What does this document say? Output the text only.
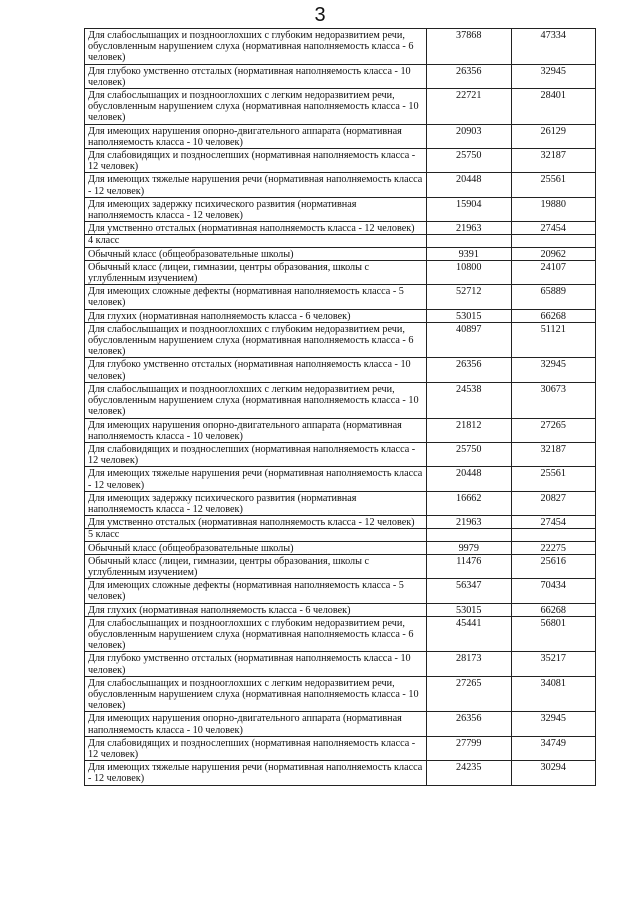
3
Для слабослышащих и позднооглохших с глубоким недоразвитием речи, обусловленным нарушением слуха (нормативная наполняемость класса - 6 человек)	37868	47334
Для глубоко умственно отсталых (нормативная наполняемость класса - 10 человек)	26356	32945
Для слабослышащих и позднооглохших с легким недоразвитием речи, обусловленным нарушением слуха (нормативная наполняемость класса - 10 человек)	22721	28401
Для имеющих нарушения опорно-двигательного аппарата (нормативная наполняемость класса - 10 человек)	20903	26129
Для слабовидящих и позднослепших (нормативная наполняемость класса - 12 человек)	25750	32187
Для имеющих тяжелые нарушения речи (нормативная наполняемость класса - 12 человек)	20448	25561
Для имеющих задержку психического развития (нормативная наполняемость класса - 12 человек)	15904	19880
Для умственно отсталых (нормативная наполняемость класса - 12 человек)	21963	27454
4 класс		
Обычный класс (общеобразовательные школы)	9391	20962
Обычный класс (лицеи, гимназии, центры образования, школы с углубленным изучением)	10800	24107
Для имеющих сложные дефекты (нормативная наполняемость класса - 5 человек)	52712	65889
Для глухих (нормативная наполняемость класса - 6 человек)	53015	66268
Для слабослышащих и позднооглохших с глубоким недоразвитием речи, обусловленным нарушением слуха (нормативная наполняемость класса - 6 человек)	40897	51121
Для глубоко умственно отсталых (нормативная наполняемость класса - 10 человек)	26356	32945
Для слабослышащих и позднооглохших с легким недоразвитием речи, обусловленным нарушением слуха (нормативная наполняемость класса - 10 человек)	24538	30673
Для имеющих нарушения опорно-двигательного аппарата (нормативная наполняемость класса - 10 человек)	21812	27265
Для слабовидящих и позднослепших (нормативная наполняемость класса - 12 человек)	25750	32187
Для имеющих тяжелые нарушения речи (нормативная наполняемость класса - 12 человек)	20448	25561
Для имеющих задержку психического развития (нормативная наполняемость класса - 12 человек)	16662	20827
Для умственно отсталых (нормативная наполняемость класса - 12 человек)	21963	27454
5 класс		
Обычный класс (общеобразовательные школы)	9979	22275
Обычный класс (лицеи, гимназии, центры образования, школы с углубленным изучением)	11476	25616
Для имеющих сложные дефекты (нормативная наполняемость класса - 5 человек)	56347	70434
Для глухих (нормативная наполняемость класса - 6 человек)	53015	66268
Для слабослышащих и позднооглохших с глубоким недоразвитием речи, обусловленным нарушением слуха (нормативная наполняемость класса - 6 человек)	45441	56801
Для глубоко умственно отсталых (нормативная наполняемость класса - 10 человек)	28173	35217
Для слабослышащих и позднооглохших с легким недоразвитием речи, обусловленным нарушением слуха (нормативная наполняемость класса - 10 человек)	27265	34081
Для имеющих нарушения опорно-двигательного аппарата (нормативная наполняемость класса - 10 человек)	26356	32945
Для слабовидящих и позднослепших (нормативная наполняемость класса - 12 человек)	27799	34749
Для имеющих тяжелые нарушения речи (нормативная наполняемость класса - 12 человек)	24235	30294
